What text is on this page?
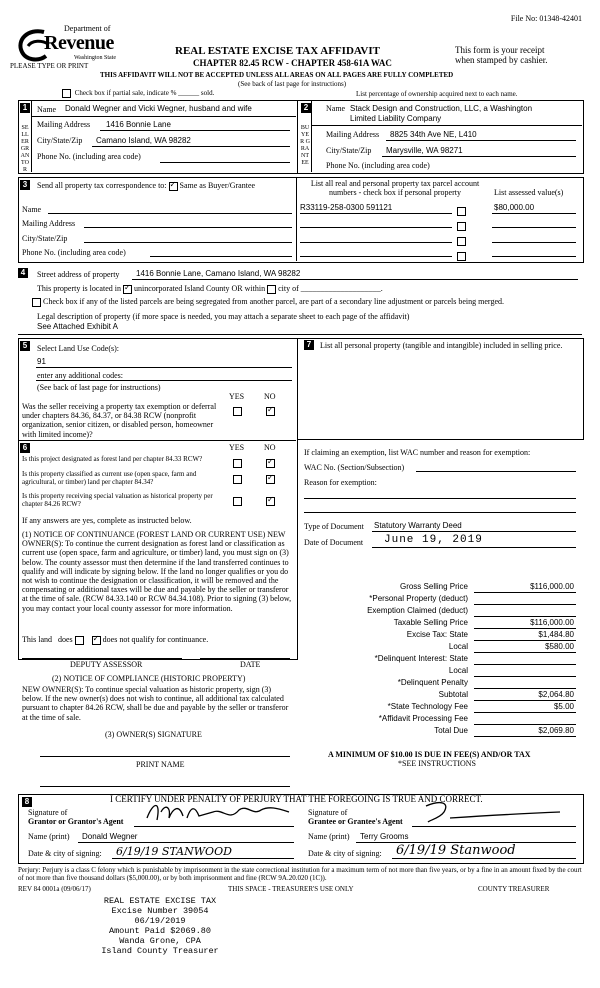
File No: 01348-42401
Department of
Revenue
Washington State
PLEASE TYPE OR PRINT
REAL ESTATE EXCISE TAX AFFIDAVIT
CHAPTER 82.45 RCW - CHAPTER 458-61A WAC
This form is your receipt
when stamped by cashier.
THIS AFFIDAVIT WILL NOT BE ACCEPTED UNLESS ALL AREAS ON ALL PAGES ARE FULLY COMPLETED
(See back of last page for instructions)
Check box if partial sale, indicate % ______ sold.	List percentage of ownership acquired next to each name.
1
SELLER GRANTOR
Name Donald Wegner and Vicki Wegner, husband and wife
Mailing Address 1416 Bonnie Lane
City/State/Zip Camano Island, WA 98282
Phone No. (including area code)
2
BUYER GRANTEE
Name Stack Design and Construction, LLC, a Washington
Limited Liability Company
Mailing Address 8825 34th Ave NE, L410
City/State/Zip Marysville, WA 98271
Phone No. (including area code)
3	Send all property tax correspondence to: ✓ Same as Buyer/Grantee	List all real and personal property tax parcel account numbers - check box if personal property	List assessed value(s)
Name
Mailing Address
City/State/Zip
Phone No. (including area code)
R33119-258-0300 591121	$80,000.00
4	Street address of property 1416 Bonnie Lane, Camano Island, WA 98282
This property is located in ✓ unincorporated Island County OR within city of ____________________.
Check box if any of the listed parcels are being segregated from another parcel, are part of a secondary line adjustment or parcels being merged.
Legal description of property (if more space is needed, you may attach a separate sheet to each page of the affidavit)
See Attached Exhibit A
5	Select Land Use Code(s):
91
enter any additional codes:
(See back of last page for instructions)
YES NO
Was the seller receiving a property tax exemption or deferral under chapters 84.36, 84.37, or 84.38 RCW (nonprofit organization, senior citizen, or disabled person, homeowner with limited income)?
✓
6	YES NO
Is this project designated as forest land per chapter 84.33 RCW?
✓
Is this property classified as current use (open space, farm and agricultural, or timber) land per chapter 84.34?
✓
Is this property receiving special valuation as historical property per chapter 84.26 RCW?
✓
If any answers are yes, complete as instructed below.
(1) NOTICE OF CONTINUANCE (FOREST LAND OR CURRENT USE) NEW OWNER(S): To continue the current designation as forest land or classification as current use (open space, farm and agriculture, or timber) land, you must sign on (3) below. The county assessor must then determine if the land transferred continues to qualify and will indicate by signing below. If the land no longer qualifies or you do not wish to continue the designation or classification, it will be removed and the compensating or additional taxes will be due and payable by the seller or transferor at the time of sale. (RCW 84.33.140 or RCW 84.34.108). Prior to signing (3) below, you may contact your local county assessor for more information.
This land does ✓	does not qualify for continuance.
DEPUTY ASSESSOR	DATE
(2) NOTICE OF COMPLIANCE (HISTORIC PROPERTY)
NEW OWNER(S): To continue special valuation as historic property, sign (3) below. If the new owner(s) does not wish to continue, all additional tax calculated pursuant to chapter 84.26 RCW, shall be due and payable by the seller or transferor at the time of sale.
(3) OWNER(S) SIGNATURE
PRINT NAME
7	List all personal property (tangible and intangible) included in selling price.
If claiming an exemption, list WAC number and reason for exemption:
WAC No. (Section/Subsection)
Reason for exemption:
Type of Document Statutory Warranty Deed
Date of Document June 19, 2019
Gross Selling Price	$116,000.00
*Personal Property (deduct)
Exemption Claimed (deduct)
Taxable Selling Price	$116,000.00
Excise Tax: State	$1,484.80
Local	$580.00
*Delinquent Interest: State
Local
*Delinquent Penalty
Subtotal	$2,064.80
*State Technology Fee	$5.00
*Affidavit Processing Fee
Total Due	$2,069.80
A MINIMUM OF $10.00 IS DUE IN FEE(S) AND/OR TAX
*SEE INSTRUCTIONS
8	I CERTIFY UNDER PENALTY OF PERJURY THAT THE FOREGOING IS TRUE AND CORRECT.
Signature of
Grantor or Grantor's Agent
Signature of
Grantee or Grantee's Agent
Name (print) Donald Wegner	Name (print) Terry Grooms
Date & city of signing: 6/19/19 STANWOOD	Date & city of signing: 6/19/19 Stanwood
Perjury: Perjury is a class C felony which is punishable by imprisonment in the state correctional institution for a maximum term of not more than five years, or by a fine in an amount fixed by the court of not more than five thousand dollars ($5,000.00), or by both imprisonment and fine (RCW 9A.20.020 (1C)).
REV 84 0001a (09/06/17)	THIS SPACE - TREASURER'S USE ONLY	COUNTY TREASURER
REAL ESTATE EXCISE TAX
Excise Number 39054
06/19/2019
Amount Paid $2069.80
Wanda Grone, CPA
Island County Treasurer
